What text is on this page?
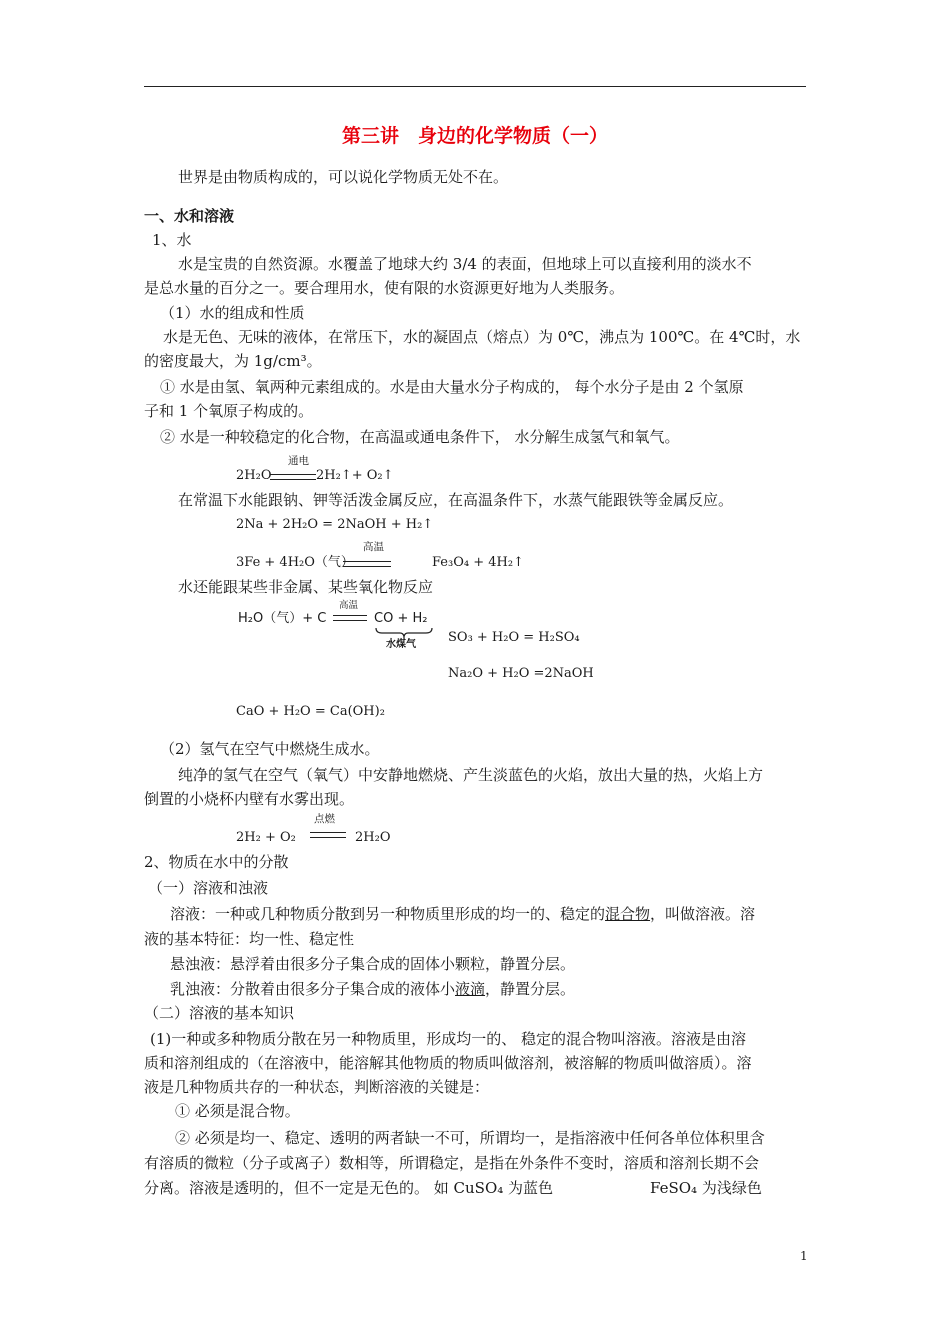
第三讲　身边的化学物质（一）
世界是由物质构成的，可以说化学物质无处不在。
一、水和溶液
1、水
水是宝贵的自然资源。水覆盖了地球大约 3/4 的表面，但地球上可以直接利用的淡水不
是总水量的百分之一。要合理用水，使有限的水资源更好地为人类服务。
（1）水的组成和性质
水是无色、无味的液体，在常压下，水的凝固点（熔点）为 0℃，沸点为 100℃。在 4℃时，水
的密度最大，为 1g/cm³。
① 水是由氢、氧两种元素组成的。水是由大量水分子构成的， 每个水分子是由 2 个氢原
子和 1 个氧原子构成的。
② 水是一种较稳定的化合物，在高温或通电条件下， 水分解生成氢气和氧气。
2H₂O
通电
2H₂↑+ O₂↑
在常温下水能跟钠、钾等活泼金属反应，在高温条件下，水蒸气能跟铁等金属反应。
2Na + 2H₂O = 2NaOH + H₂↑
高温
3Fe + 4H₂O（气）	Fe₃O₄ + 4H₂↑
水还能跟某些非金属、某些氧化物反应
H₂O（气）+ C
高温
CO + H₂
水煤气 SO₃ + H₂O = H₂SO₄
Na₂O + H₂O =2NaOH
CaO + H₂O = Ca(OH)₂
（2）氢气在空气中燃烧生成水。
纯净的氢气在空气（氧气）中安静地燃烧、产生淡蓝色的火焰，放出大量的热，火焰上方
倒置的小烧杯内壁有水雾出现。
点燃
2H₂ + O₂	2H₂O
2、物质在水中的分散
（一）溶液和浊液
溶液：一种或几种物质分散到另一种物质里形成的均一的、稳定的混合物，叫做溶液。溶
液的基本特征：均一性、稳定性
悬浊液：悬浮着由很多分子集合成的固体小颗粒，静置分层。
乳浊液：分散着由很多分子集合成的液体小液滴，静置分层。
（二）溶液的基本知识
(1)一种或多种物质分散在另一种物质里，形成均一的、 稳定的混合物叫溶液。溶液是由溶
质和溶剂组成的（在溶液中，能溶解其他物质的物质叫做溶剂，被溶解的物质叫做溶质）。溶
液是几种物质共存的一种状态，判断溶液的关键是：
① 必须是混合物。
② 必须是均一、稳定、透明的两者缺一不可，所谓均一，是指溶液中任何各单位体积里含
有溶质的微粒（分子或离子）数相等，所谓稳定，是指在外条件不变时，溶质和溶剂长期不会
分离。溶液是透明的，但不一定是无色的。 如 CuSO₄ 为蓝色	FeSO₄ 为浅绿色
1
